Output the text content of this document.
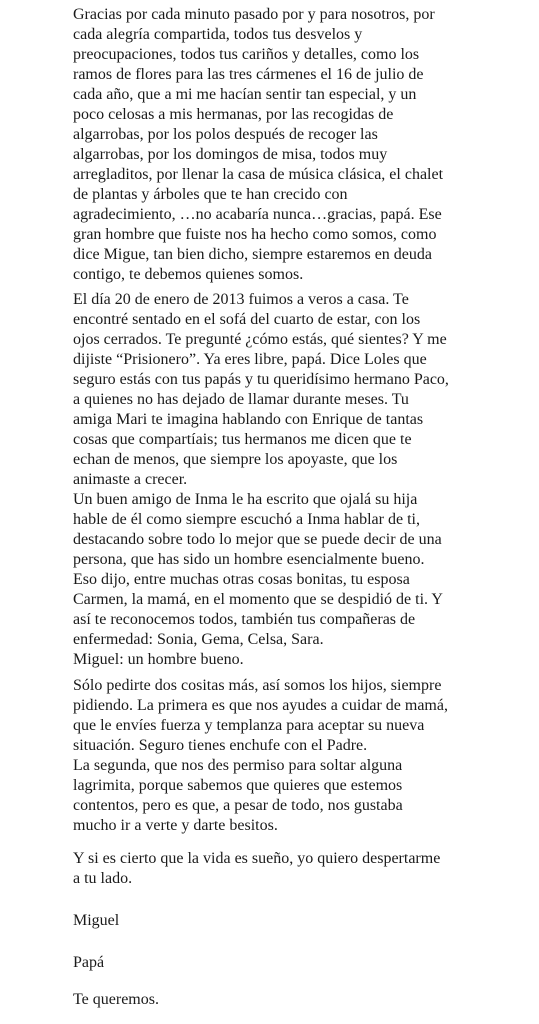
Gracias por cada minuto pasado por y para nosotros, por
cada alegría compartida, todos tus desvelos y
preocupaciones, todos tus cariños y detalles, como los
ramos de flores para las tres cármenes el 16 de julio de
cada año, que a mi me hacían sentir tan especial, y un
poco celosas a mis hermanas, por las recogidas de
algarrobas, por los polos después de recoger las
algarrobas, por los domingos de misa, todos muy
arregladitos, por llenar la casa de música clásica, el chalet
de plantas y árboles que te han crecido con
agradecimiento, …no acabaría nunca…gracias, papá. Ese
gran hombre que fuiste nos ha hecho como somos, como
dice Migue, tan bien dicho, siempre estaremos en deuda
contigo, te debemos quienes somos.
El día 20 de enero de 2013 fuimos a veros a casa. Te
encontré sentado en el sofá del cuarto de estar, con los
ojos cerrados. Te pregunté ¿cómo estás, qué sientes? Y me
dijiste “Prisionero”. Ya eres libre, papá. Dice Loles que
seguro estás con tus papás y tu queridísimo hermano Paco,
a quienes no has dejado de llamar durante meses. Tu
amiga Mari te imagina hablando con Enrique de tantas
cosas que compartíais; tus hermanos me dicen que te
echan de menos, que siempre los apoyaste, que los
animaste a crecer.
Un buen amigo de Inma le ha escrito que ojalá su hija
hable de él como siempre escuchó a Inma hablar de ti,
destacando sobre todo lo mejor que se puede decir de una
persona, que has sido un hombre esencialmente bueno.
Eso dijo, entre muchas otras cosas bonitas, tu esposa
Carmen, la mamá, en el momento que se despidió de ti. Y
así te reconocemos todos, también tus compañeras de
enfermedad: Sonia, Gema, Celsa, Sara.
Miguel: un hombre bueno.
Sólo pedirte dos cositas más, así somos los hijos, siempre
pidiendo. La primera es que nos ayudes a cuidar de mamá,
que le envíes fuerza y templanza para aceptar su nueva
situación. Seguro tienes enchufe con el Padre.
La segunda, que nos des permiso para soltar alguna
lagrimita, porque sabemos que quieres que estemos
contentos, pero es que, a pesar de todo, nos gustaba
mucho ir a verte y darte besitos.
Y si es cierto que la vida es sueño, yo quiero despertarme
a tu lado.
Miguel
Papá
Te queremos.
